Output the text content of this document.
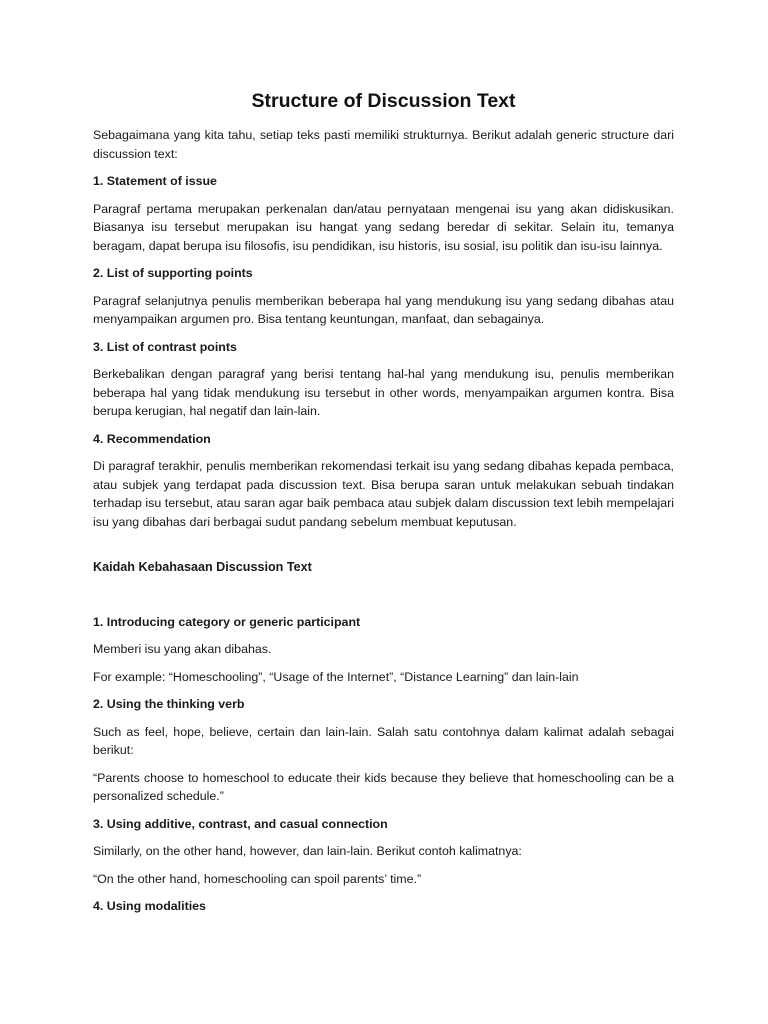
Structure of Discussion Text

Sebagaimana yang kita tahu, setiap teks pasti memiliki strukturnya. Berikut adalah generic structure dari discussion text:

1. Statement of issue

Paragraf pertama merupakan perkenalan dan/atau pernyataan mengenai isu yang akan didiskusikan. Biasanya isu tersebut merupakan isu hangat yang sedang beredar di sekitar. Selain itu, temanya beragam, dapat berupa isu filosofis, isu pendidikan, isu historis, isu sosial, isu politik dan isu-isu lainnya.

2. List of supporting points

Paragraf selanjutnya penulis memberikan beberapa hal yang mendukung isu yang sedang dibahas atau menyampaikan argumen pro. Bisa tentang keuntungan, manfaat, dan sebagainya.

3. List of contrast points

Berkebalikan dengan paragraf yang berisi tentang hal-hal yang mendukung isu, penulis memberikan beberapa hal yang tidak mendukung isu tersebut in other words, menyampaikan argumen kontra. Bisa berupa kerugian, hal negatif dan lain-lain.

4. Recommendation

Di paragraf terakhir, penulis memberikan rekomendasi terkait isu yang sedang dibahas kepada pembaca, atau subjek yang terdapat pada discussion text. Bisa berupa saran untuk melakukan sebuah tindakan terhadap isu tersebut, atau saran agar baik pembaca atau subjek dalam discussion text lebih mempelajari isu yang dibahas dari berbagai sudut pandang sebelum membuat keputusan.

Kaidah Kebahasaan Discussion Text

1. Introducing category or generic participant

Memberi isu yang akan dibahas.

For example: “Homeschooling”, “Usage of the Internet”, “Distance Learning” dan lain-lain

2. Using the thinking verb

Such as feel, hope, believe, certain dan lain-lain. Salah satu contohnya dalam kalimat adalah sebagai berikut:

“Parents choose to homeschool to educate their kids because they believe that homeschooling can be a personalized schedule.”

3. Using additive, contrast, and casual connection

Similarly, on the other hand, however, dan lain-lain. Berikut contoh kalimatnya:

“On the other hand, homeschooling can spoil parents’ time.”

4. Using modalities
